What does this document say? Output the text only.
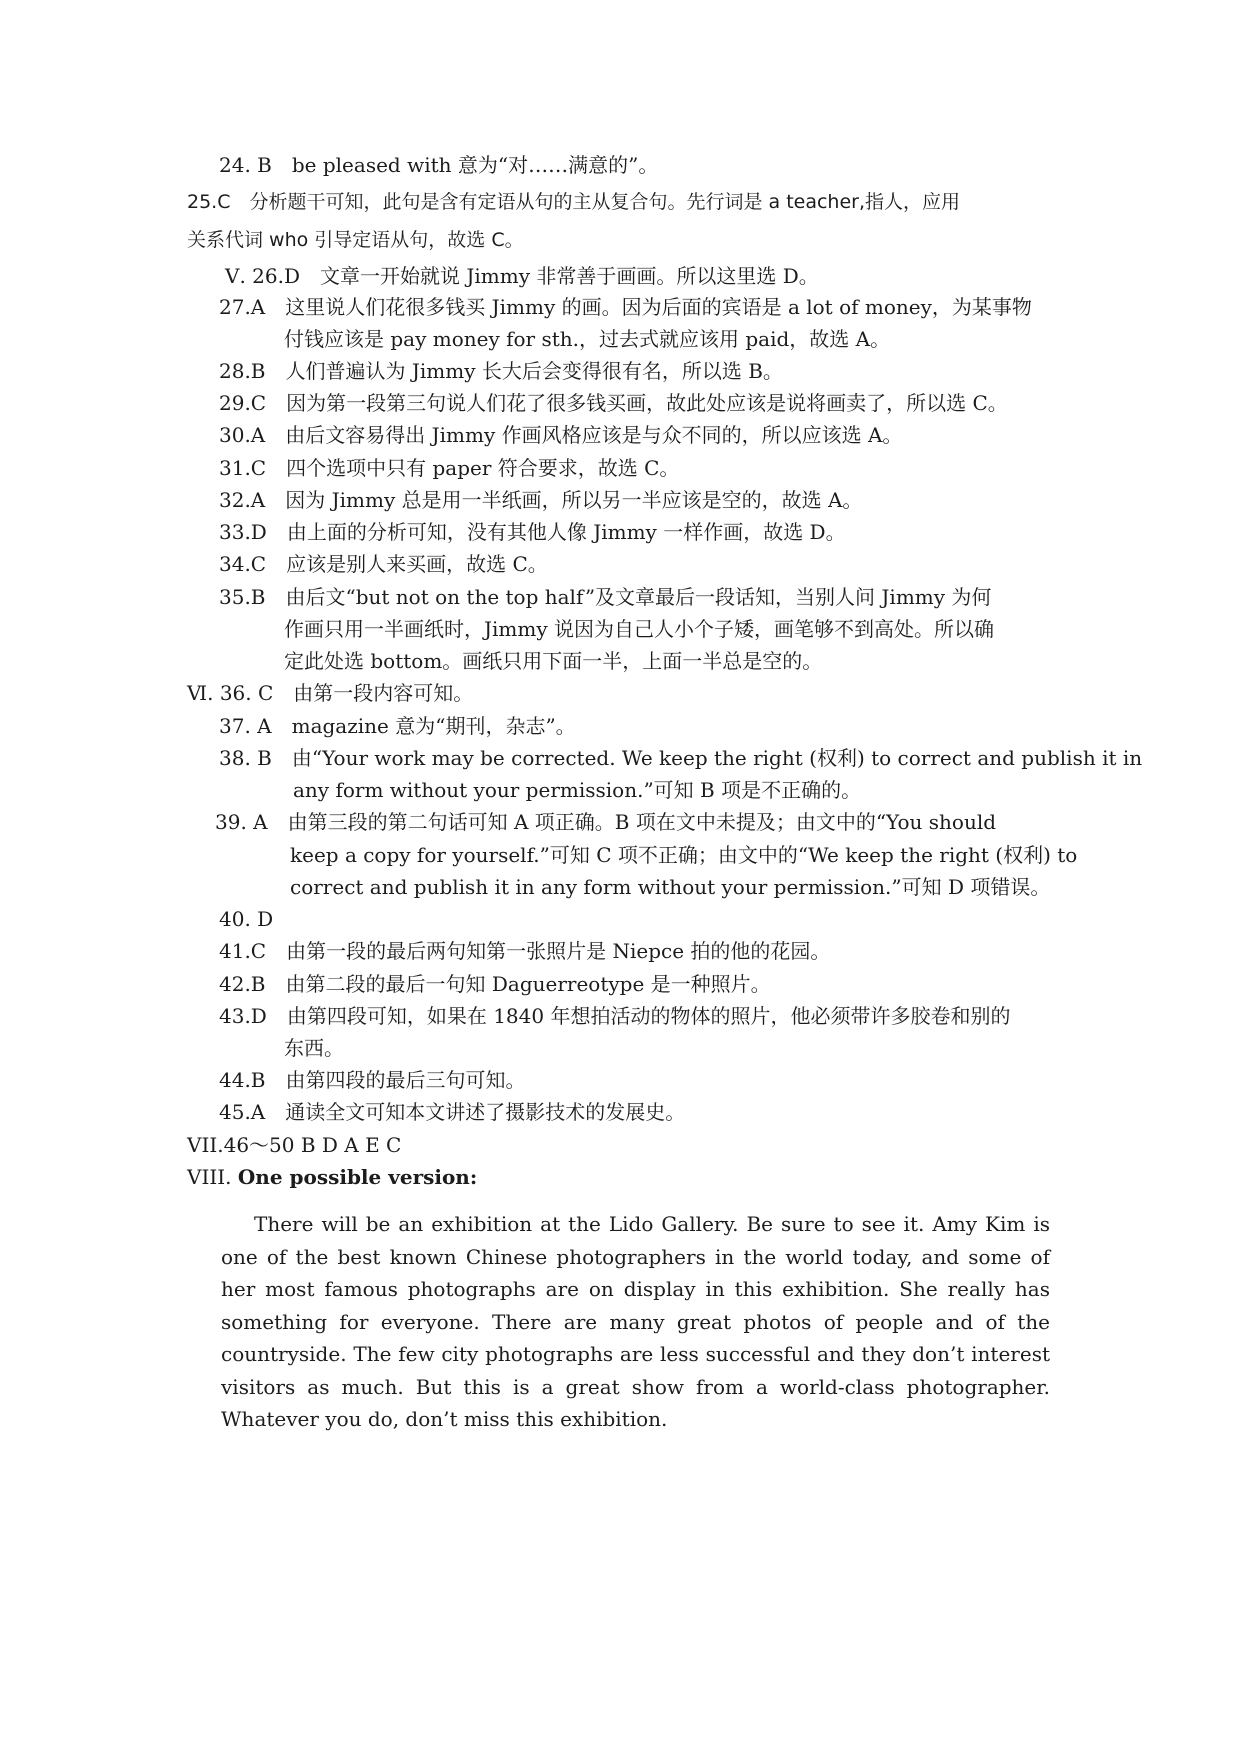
24. B　be pleased with 意为“对……满意的”。
25.C　分析题干可知，此句是含有定语从句的主从复合句。先行词是 a teacher,指人，应用
关系代词 who 引导定语从句，故选 C。
Ⅴ. 26.D　文章一开始就说 Jimmy 非常善于画画。所以这里选 D。
27.A　这里说人们花很多钱买 Jimmy 的画。因为后面的宾语是 a lot of money，为某事物
付钱应该是 pay money for sth.，过去式就应该用 paid，故选 A。
28.B　人们普遍认为 Jimmy 长大后会变得很有名，所以选 B。
29.C　因为第一段第三句说人们花了很多钱买画，故此处应该是说将画卖了，所以选 C。
30.A　由后文容易得出 Jimmy 作画风格应该是与众不同的，所以应该选 A。
31.C　四个选项中只有 paper 符合要求，故选 C。
32.A　因为 Jimmy 总是用一半纸画，所以另一半应该是空的，故选 A。
33.D　由上面的分析可知，没有其他人像 Jimmy 一样作画，故选 D。
34.C　应该是别人来买画，故选 C。
35.B　由后文“but not on the top half”及文章最后一段话知，当别人问 Jimmy 为何
作画只用一半画纸时，Jimmy 说因为自己人小个子矮，画笔够不到高处。所以确
定此处选 bottom。画纸只用下面一半，上面一半总是空的。
Ⅵ. 36. C　由第一段内容可知。
37. A　magazine 意为“期刊，杂志”。
38. B　由“Your work may be corrected. We keep the right (权利) to correct and publish it in
any form without your permission.”可知 B 项是不正确的。
39. A　由第三段的第二句话可知 A 项正确。B 项在文中未提及；由文中的“You should
keep a copy for yourself.”可知 C 项不正确；由文中的“We keep the right (权利) to
correct and publish it in any form without your permission.”可知 D 项错误。
40. D
41.C　由第一段的最后两句知第一张照片是 Niepce 拍的他的花园。
42.B　由第二段的最后一句知 Daguerreotype 是一种照片。
43.D　由第四段可知，如果在 1840 年想拍活动的物体的照片，他必须带许多胶卷和别的
东西。
44.B　由第四段的最后三句可知。
45.A　通读全文可知本文讲述了摄影技术的发展史。
VII.46～50 B D A E C
VIII. One possible version:

There will be an exhibition at the Lido Gallery. Be sure to see it. Amy Kim is one of the best known Chinese photographers in the world today, and some of her most famous photographs are on display in this exhibition. She really has something for everyone. There are many great photos of people and of the countryside. The few city photographs are less successful and they don’t interest visitors as much. But this is a great show from a world-class photographer. Whatever you do, don’t miss this exhibition.
